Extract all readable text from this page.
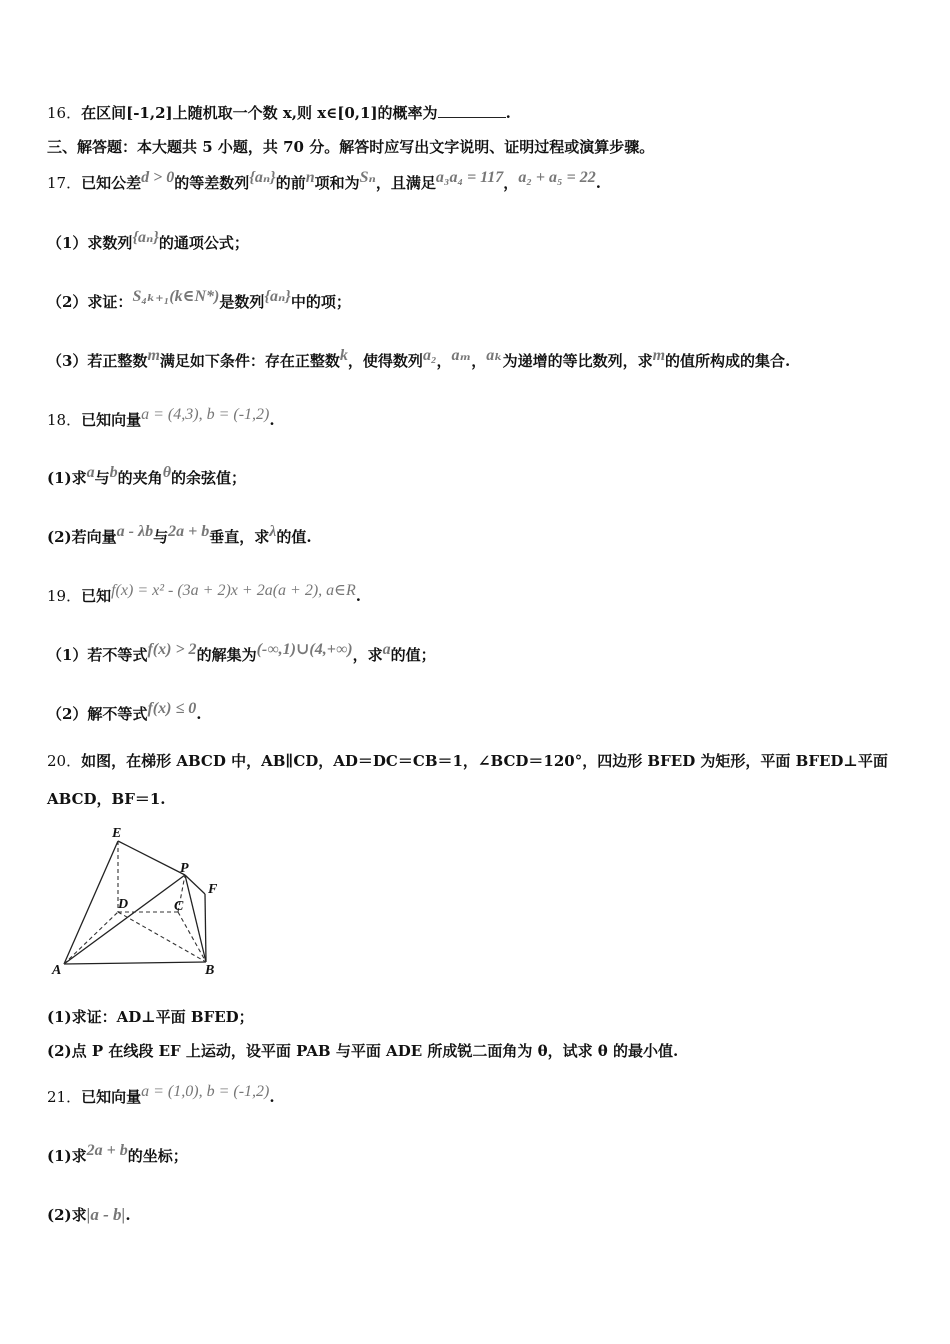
16．在区间[-1,2]上随机取一个数 x,则 x∈[0,1]的概率为	.
三、解答题：本大题共 5 小题，共 70 分。解答时应写出文字说明、证明过程或演算步骤。
17．已知公差d > 0的等差数列{aₙ}的前n项和为Sₙ，且满足a₃a₄ = 117，a₂ + a₅ = 22.
（1）求数列{aₙ}的通项公式；
（2）求证：S₄ₖ₊₁(k∈N*)是数列{aₙ}中的项；
（3）若正整数m满足如下条件：存在正整数k，使得数列a₂，aₘ，aₖ为递增的等比数列，求m的值所构成的集合.
18．已知向量a = (4,3), b = (-1,2).
(1)求a与b的夹角θ的余弦值；
(2)若向量a - λb与2a + b垂直，求λ的值.
19．已知f(x) = x² - (3a + 2)x + 2a(a + 2), a∈R.
（1）若不等式f(x) > 2的解集为(-∞,1)∪(4,+∞)，求a的值；
（2）解不等式f(x) ≤ 0.
20．如图，在梯形 ABCD 中，AB∥CD，AD＝DC＝CB＝1，∠BCD＝120°，四边形 BFED 为矩形，平面 BFED⊥平面
ABCD，BF＝1.
E
P
F
D	C
A	B
(1)求证：AD⊥平面 BFED；
(2)点 P 在线段 EF 上运动，设平面 PAB 与平面 ADE 所成锐二面角为 θ，试求 θ 的最小值.
21．已知向量a = (1,0), b = (-1,2).
(1)求2a + b的坐标；
(2)求|a - b|.
